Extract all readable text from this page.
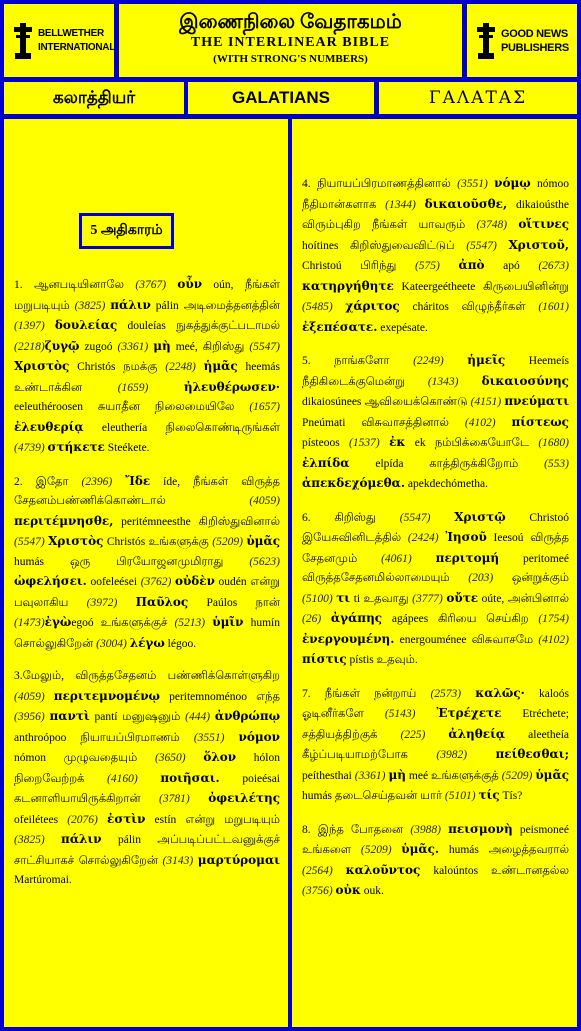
BELLWETHER
INTERNATIONAL
இணைநிலை வேதாகமம்
THE INTERLINEAR BIBLE
(WITH STRONG'S NUMBERS)
GOOD NEWS
PUBLISHERS
கலாத்தியர்	GALATIANS	ΓΑΛΑΤΑΣ
5 அதிகாரம்

1. ஆனபடியினாலே (3767) οὖν oún, நீங்கள் மறுபடியும் (3825) πάλιν pálin அடிமைத்தனத்தின் (1397) δουλείας douleías நுகத்துக்குட்படாமல் (2218)ζυγῷ zugoó (3361) μὴ meé, கிறிஸ்து (5547) Χριστὸς Christós நமக்கு (2248) ἡμᾶς heemás உண்டாக்கின (1659)	ἠλευθέρωσεν· eeleuthéroosen சுயாதீன நிலைமையிலே (1657) ἐλευθερίᾳ eleuthería நிலைகொண்டிருங்கள் (4739) στήκετε Steékete.

2. இதோ (2396) Ἴδε íde, நீங்கள் விருத்த சேதனம்பண்ணிக்கொண்டால் (4059) περιτέμνησθε, peritémneesthe கிறிஸ்துவினால் (5547) Χριστὸς Christós உங்களுக்கு (5209) ὑμᾶς humás ஒரு பிரயோஜனமுமிராது (5623) ὠφελήσει. oofeleései (3762) οὐδὲν oudén என்று பவுலாகிய (3972) Παῦλος Paúlos நான் (1473)ἐγὼegoó உங்களுக்குச் (5213) ὑμῖν humín சொல்லுகிறேன் (3004) λέγω légoo.

3.மேலும், விருத்தசேதனம் பண்ணிக்கொள்ளுகிற (4059) περιτεμνομένῳ peritemnoménoo எந்த (3956) παντὶ pantí மனுஷனும் (444) ἀνθρώπῳ anthroópoo நியாயப்பிரமாணம் (3551) νόμον nómon முழுவதையும் (3650) ὅλον hólon நிறைவேற்றக் (4160) ποιῆσαι. poieésai கடனாளியாயிருக்கிறான் (3781) ὀφειλέτης ofeilétees (2076) ἐστὶν estín என்று மறுபடியும் (3825) πάλιν pálin அப்படிப்பட்டவனுக்குச் சாட்சியாகச் சொல்லுகிறேன் (3143) μαρτύρομαι Martúromai.

4. நியாயப்பிரமாணத்தினால் (3551) νόμῳ nómoo நீதிமான்களாக (1344) δικαιοῦσθε, dikaioústhe விரும்புகிற நீங்கள் யாவரும் (3748) οἵτινες hoítines கிறிஸ்துவைவிட்டுப் (5547) Χριστοῦ, Christoú பிரிந்து (575) ἀπὸ apó (2673) κατηργήθητε Kateergeétheete கிருபையினின்று (5485) χάριτος cháritos விழுந்தீர்கள் (1601) ἐξεπέσατε. exepésate.

5. நாங்களோ (2249) ἡμεῖς Heemeís நீதிகிடைக்குமென்று (1343) δικαιοσύνης dikaiosúnees ஆவியைக்கொண்டு (4151) πνεύματι Pneúmati விசுவாசத்தினால் (4102) πίστεως písteoos (1537) ἐκ ek நம்பிக்கையோடே (1680) ἐλπίδα elpída காத்திருக்கிறோம் (553) ἀπεκδεχόμεθα. apekdechómetha.

6. கிறிஸ்து (5547) Χριστῷ Christoó இயேசுவினிடத்தில் (2424) Ἰησοῦ Ieesoú விருத்த சேதனமும் (4061) περιτομή peritomeé விருத்தசேதனமில்லாமையும் (203) ஒன்றுக்கும் (5100) τι ti உதவாது (3777) οὔτε oúte, அன்பினால் (26) ἀγάπης agápees கிரியை செய்கிற (1754) ἐνεργουμένη. energouménee விசுவாசமே (4102) πίστις pístis உதவும்.

7. நீங்கள் நன்றாய் (2573) καλῶς· kaloós ஓடினீர்களே (5143) Ἐτρέχετε Etréchete; சத்தியத்திற்குக் (225) ἀληθείᾳ aleetheía கீழ்ப்படியாமற்போக (3982) πείθεσθαι; peíthesthai (3361) μὴ meé உங்களுக்குத் (5209) ὑμᾶς humás தடைசெய்தவன் யார் (5101) τίς Tís?

8. இந்த போதனை (3988) πεισμονὴ peismoneé உங்களை (5209) ὑμᾶς. humás அழைத்தவரால் (2564) καλοῦντος kaloúntos உண்டானதல்ல (3756) οὐκ ouk.
